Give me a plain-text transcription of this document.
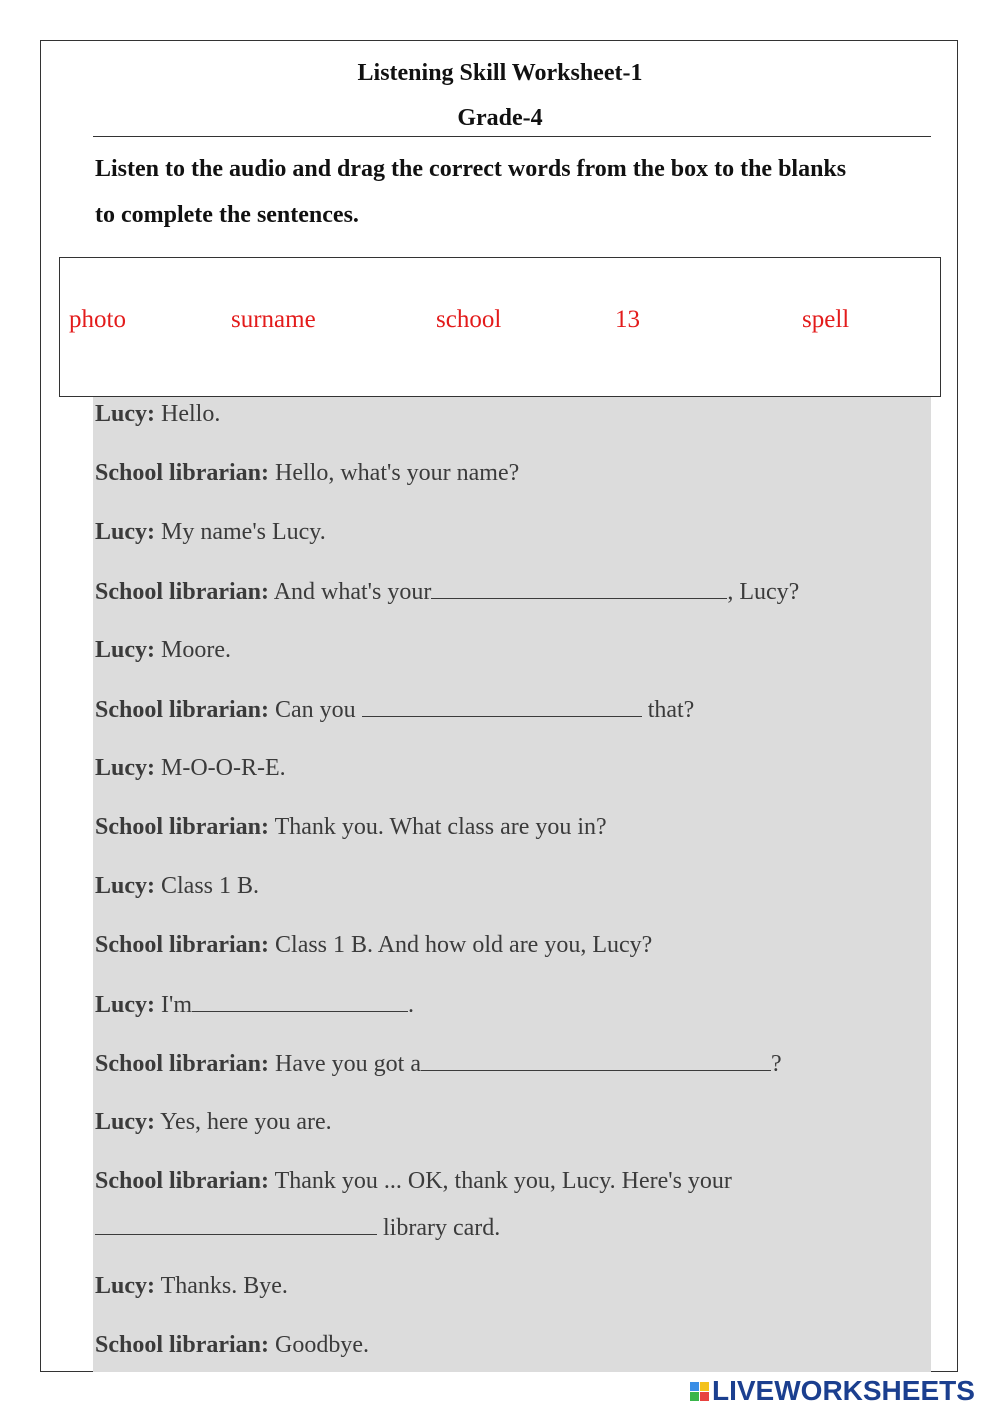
Listening Skill Worksheet-1
Grade-4
Listen to the audio and drag the correct words from the box to the blanks
to complete the sentences.
photo	surname	school	13	spell
Lucy: Hello.
School librarian: Hello, what's your name?
Lucy: My name's Lucy.
School librarian: And what's your	, Lucy?
Lucy: Moore.
School librarian: Can you	that?
Lucy: M-O-O-R-E.
School librarian: Thank you. What class are you in?
Lucy: Class 1 B.
School librarian: Class 1 B. And how old are you, Lucy?
Lucy: I'm	.
School librarian: Have you got a	?
Lucy: Yes, here you are.
School librarian: Thank you ... OK, thank you, Lucy. Here's your
library card.
Lucy: Thanks. Bye.
School librarian: Goodbye.
LIVEWORKSHEETS
